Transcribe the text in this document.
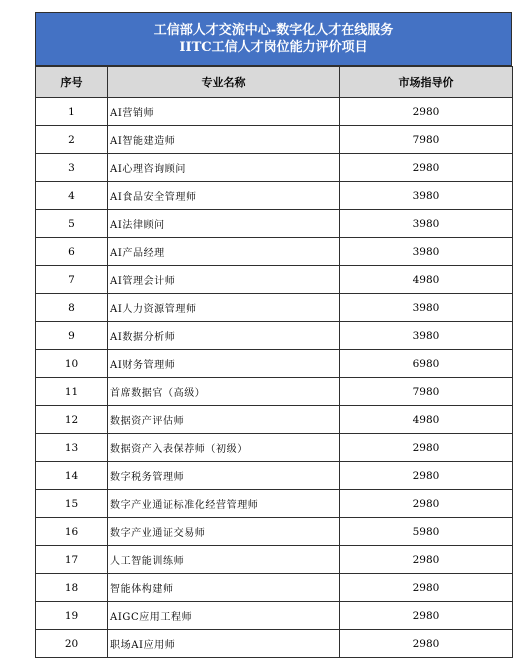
工信部人才交流中心-数字化人才在线服务
IITC工信人才岗位能力评价项目
序号	专业名称	市场指导价
1	AI营销师	2980
2	AI智能建造师	7980
3	AI心理咨询顾问	2980
4	AI食品安全管理师	3980
5	AI法律顾问	3980
6	AI产品经理	3980
7	AI管理会计师	4980
8	AI人力资源管理师	3980
9	AI数据分析师	3980
10	AI财务管理师	6980
11	首席数据官（高级）	7980
12	数据资产评估师	4980
13	数据资产入表保荐师（初级）	2980
14	数字税务管理师	2980
15	数字产业通证标准化经营管理师	2980
16	数字产业通证交易师	5980
17	人工智能训练师	2980
18	智能体构建师	2980
19	AIGC应用工程师	2980
20	职场AI应用师	2980
